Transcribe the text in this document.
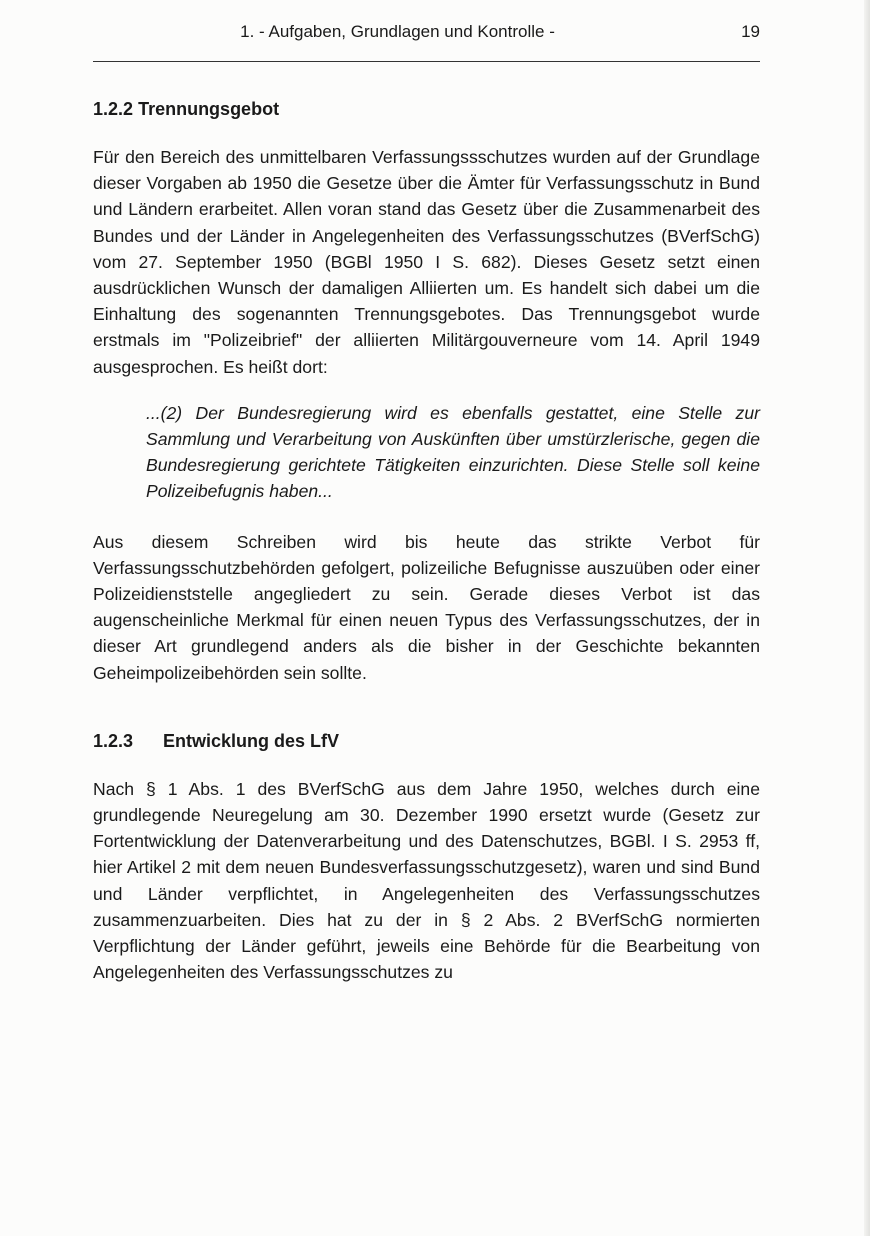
1. - Aufgaben, Grundlagen und Kontrolle -	19
1.2.2 Trennungsgebot

Für den Bereich des unmittelbaren Verfassungssschutzes wurden auf der Grundlage dieser Vorgaben ab 1950 die Gesetze über die Ämter für Verfassungsschutz in Bund und Ländern erarbeitet. Allen voran stand das Gesetz über die Zusammenarbeit des Bundes und der Länder in Angelegenheiten des Verfassungsschutzes (BVerfSchG) vom 27. September 1950 (BGBl 1950 I S. 682). Dieses Gesetz setzt einen ausdrücklichen Wunsch der damaligen Alliierten um. Es handelt sich dabei um die Einhaltung des sogenannten Trennungsgebotes. Das Trennungsgebot wurde erstmals im "Polizeibrief" der alliierten Militärgouverneure vom 14. April 1949 ausgesprochen. Es heißt dort:

...(2) Der Bundesregierung wird es ebenfalls gestattet, eine Stelle zur Sammlung und Verarbeitung von Auskünften über umstürzlerische, gegen die Bundesregierung gerichtete Tätigkeiten einzurichten. Diese Stelle soll keine Polizeibefugnis haben...

Aus diesem Schreiben wird bis heute das strikte Verbot für Verfassungsschutzbehörden gefolgert, polizeiliche Befugnisse auszuüben oder einer Polizeidienststelle angegliedert zu sein. Gerade dieses Verbot ist das augenscheinliche Merkmal für einen neuen Typus des Verfassungsschutzes, der in dieser Art grundlegend anders als die bisher in der Geschichte bekannten Geheimpolizeibehörden sein sollte.

1.2.3 Entwicklung des LfV

Nach § 1 Abs. 1 des BVerfSchG aus dem Jahre 1950, welches durch eine grundlegende Neuregelung am 30. Dezember 1990 ersetzt wurde (Gesetz zur Fortentwicklung der Datenverarbeitung und des Datenschutzes, BGBl. I S. 2953 ff, hier Artikel 2 mit dem neuen Bundesverfassungsschutzgesetz), waren und sind Bund und Länder verpflichtet, in Angelegenheiten des Verfassungsschutzes zusammenzuarbeiten. Dies hat zu der in § 2 Abs. 2 BVerfSchG normierten Verpflichtung der Länder geführt, jeweils eine Behörde für die Bearbeitung von Angelegenheiten des Verfassungsschutzes zu
